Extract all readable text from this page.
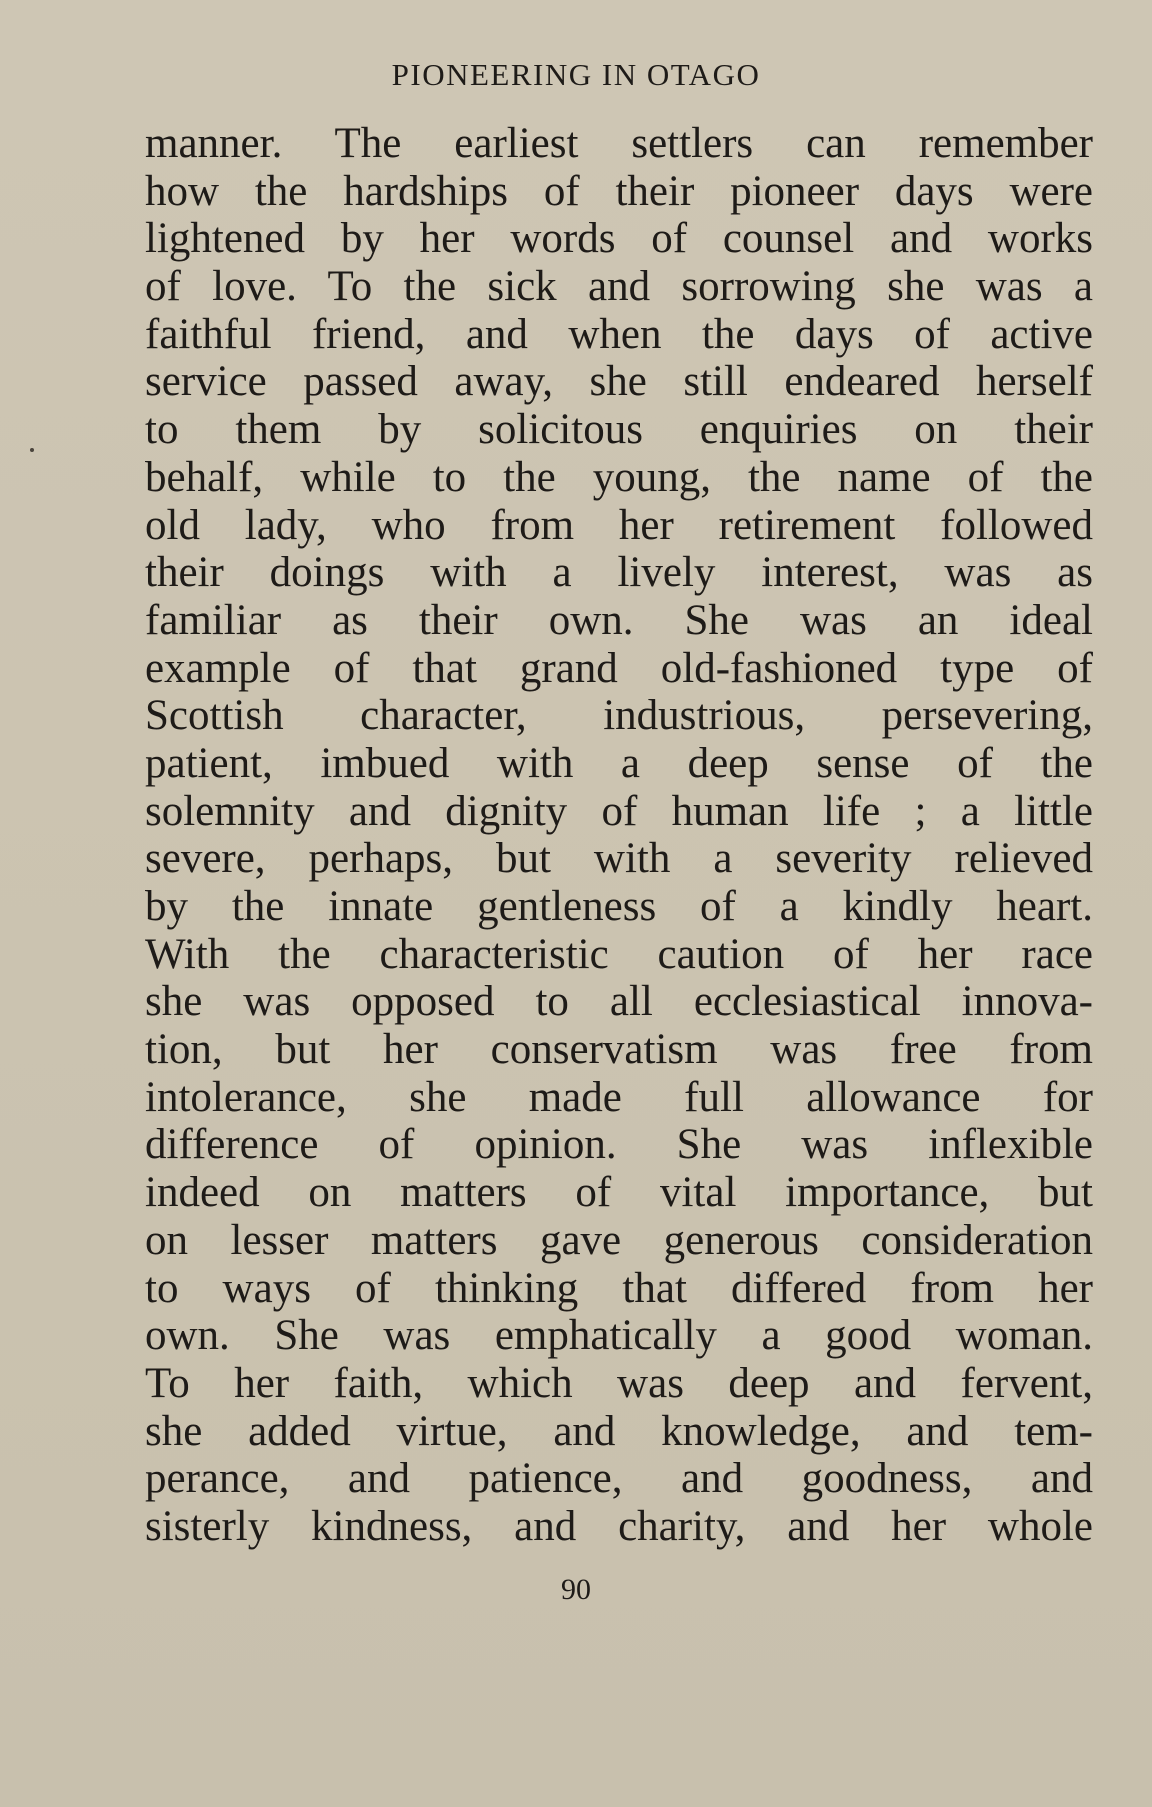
PIONEERING IN OTAGO
manner. The earliest settlers can remember
how the hardships of their pioneer days were
lightened by her words of counsel and works
of love. To the sick and sorrowing she was a
faithful friend, and when the days of active
service passed away, she still endeared herself
to them by solicitous enquiries on their
behalf, while to the young, the name of the
old lady, who from her retirement followed
their doings with a lively interest, was as
familiar as their own. She was an ideal
example of that grand old-fashioned type of
Scottish character, industrious, persevering,
patient, imbued with a deep sense of the
solemnity and dignity of human life ; a little
severe, perhaps, but with a severity relieved
by the innate gentleness of a kindly heart.
With the characteristic caution of her race
she was opposed to all ecclesiastical innova-
tion, but her conservatism was free from
intolerance, she made full allowance for
difference of opinion. She was inflexible
indeed on matters of vital importance, but
on lesser matters gave generous consideration
to ways of thinking that differed from her
own. She was emphatically a good woman.
To her faith, which was deep and fervent,
she added virtue, and knowledge, and tem-
perance, and patience, and goodness, and
sisterly kindness, and charity, and her whole
90
